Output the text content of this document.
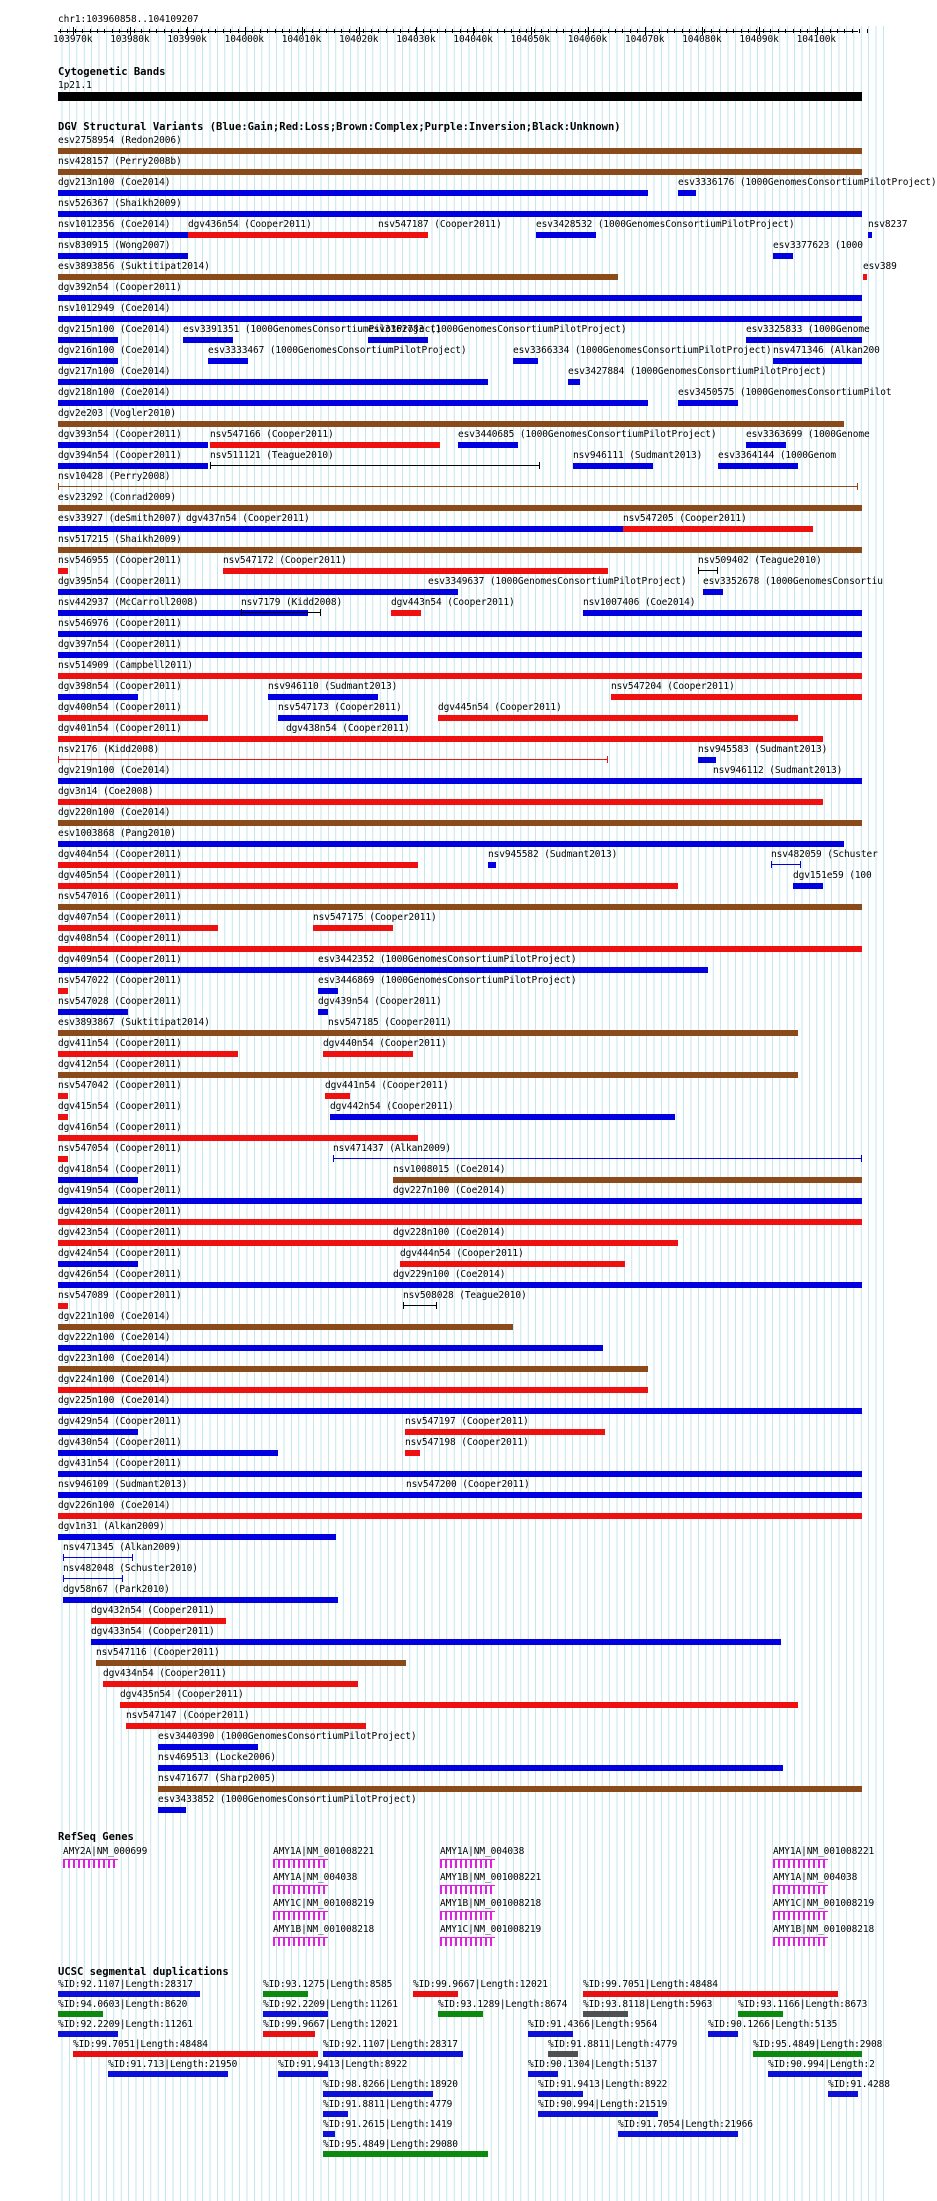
chr1:103960858..104109207
103970k 103980k 103990k 104000k 104010k 104020k 104030k 104040k 104050k 104060k 104070k 104080k 104090k 104100k
Cytogenetic Bands
1p21.1
DGV Structural Variants (Blue:Gain;Red:Loss;Brown:Complex;Purple:Inversion;Black:Unknown)
RefSeq Genes
UCSC segmental duplications
esv2758954 (Redon2006)
nsv428157 (Perry2008b)
dgv213n100 (Coe2014)	esv3336176 (1000GenomesConsortiumPilotProject)
nsv526367 (Shaikh2009)
nsv1012356 (Coe2014) dgv436n54 (Cooper2011)	nsv547187 (Cooper2011)	esv3428532 (1000GenomesConsortiumPilotProject)	nsv8237
nsv830915 (Wong2007)	esv3377623 (1000
esv3893856 (Suktitipat2014)	esv389
dgv392n54 (Cooper2011)
nsv1012949 (Coe2014)
dgv215n100 (Coe2014) esv3391351 (1000GenomesConsortiumPilotProject)
esv3362783 (1000GenomesConsortiumPilotProject)	esv3325833 (1000Genome
dgv216n100 (Coe2014)	esv3333467 (1000GenomesConsortiumPilotProject)	esv3366334 (1000GenomesConsortiumPilotProject) nsv471346 (Alkan200
dgv217n100 (Coe2014)	esv3427884 (1000GenomesConsortiumPilotProject)
dgv218n100 (Coe2014)	esv3450575 (1000GenomesConsortiumPilot
dgv2e203 (Vogler2010)
dgv393n54 (Cooper2011)	nsv547166 (Cooper2011)	esv3440685 (1000GenomesConsortiumPilotProject)	esv3363699 (1000Genome
dgv394n54 (Cooper2011)	nsv511121 (Teague2010)	nsv946111 (Sudmant2013) esv3364144 (1000Genom
nsv10428 (Perry2008)
esv23292 (Conrad2009)
esv33927 (deSmith2007) dgv437n54 (Cooper2011)	nsv547205 (Cooper2011)
nsv517215 (Shaikh2009)
nsv546955 (Cooper2011)	nsv547172 (Cooper2011)	nsv509402 (Teague2010)
dgv395n54 (Cooper2011)	esv3349637 (1000GenomesConsortiumPilotProject) esv3352678 (1000GenomesConsortiu
nsv442937 (McCarroll2008)	nsv7179 (Kidd2008)	dgv443n54 (Cooper2011)	nsv1007406 (Coe2014)
nsv546976 (Cooper2011)
dgv397n54 (Cooper2011)
nsv514909 (Campbell2011)
dgv398n54 (Cooper2011)	nsv946110 (Sudmant2013)	nsv547204 (Cooper2011)
dgv400n54 (Cooper2011)	nsv547173 (Cooper2011)	dgv445n54 (Cooper2011)
dgv401n54 (Cooper2011)	dgv438n54 (Cooper2011)
nsv2176 (Kidd2008)	nsv945583 (Sudmant2013)
dgv219n100 (Coe2014)	nsv946112 (Sudmant2013)
dgv3n14 (Coe2008)
dgv220n100 (Coe2014)
esv1003868 (Pang2010)
dgv404n54 (Cooper2011)	nsv945582 (Sudmant2013)	nsv482059 (Schuster
dgv405n54 (Cooper2011)	dgv151e59 (100
nsv547016 (Cooper2011)
dgv407n54 (Cooper2011)	nsv547175 (Cooper2011)
dgv408n54 (Cooper2011)
dgv409n54 (Cooper2011)	esv3442352 (1000GenomesConsortiumPilotProject)
nsv547022 (Cooper2011)	esv3446869 (1000GenomesConsortiumPilotProject)
nsv547028 (Cooper2011)	dgv439n54 (Cooper2011)
esv3893867 (Suktitipat2014)	nsv547185 (Cooper2011)
dgv411n54 (Cooper2011)	dgv440n54 (Cooper2011)
dgv412n54 (Cooper2011)
nsv547042 (Cooper2011)	dgv441n54 (Cooper2011)
dgv415n54 (Cooper2011)	dgv442n54 (Cooper2011)
dgv416n54 (Cooper2011)
nsv547054 (Cooper2011)	nsv471437 (Alkan2009)
dgv418n54 (Cooper2011)	nsv1008015 (Coe2014)
dgv419n54 (Cooper2011)	dgv227n100 (Coe2014)
dgv420n54 (Cooper2011)
dgv423n54 (Cooper2011)	dgv228n100 (Coe2014)
dgv424n54 (Cooper2011)	dgv444n54 (Cooper2011)
dgv426n54 (Cooper2011)	dgv229n100 (Coe2014)
nsv547089 (Cooper2011)	nsv508028 (Teague2010)
dgv221n100 (Coe2014)
dgv222n100 (Coe2014)
dgv223n100 (Coe2014)
dgv224n100 (Coe2014)
dgv225n100 (Coe2014)
dgv429n54 (Cooper2011)	nsv547197 (Cooper2011)
dgv430n54 (Cooper2011)	nsv547198 (Cooper2011)
dgv431n54 (Cooper2011)
nsv946109 (Sudmant2013)	nsv547200 (Cooper2011)
dgv226n100 (Coe2014)
dgv1n31 (Alkan2009)
nsv471345 (Alkan2009)
nsv482048 (Schuster2010)
dgv58n67 (Park2010)
dgv432n54 (Cooper2011)
dgv433n54 (Cooper2011)
nsv547116 (Cooper2011)
dgv434n54 (Cooper2011)
dgv435n54 (Cooper2011)
nsv547147 (Cooper2011)
esv3440390 (1000GenomesConsortiumPilotProject)
nsv469513 (Locke2006)
nsv471677 (Sharp2005)
esv3433852 (1000GenomesConsortiumPilotProject)
AMY2A|NM_000699	AMY1A|NM_001008221
AMY1A|NM_004038
AMY1C|NM_001008219
AMY1B|NM_001008218
AMY1A|NM_004038
AMY1B|NM_001008221
AMY1B|NM_001008218
AMY1C|NM_001008219
AMY1A|NM_001008221
AMY1A|NM_004038
AMY1C|NM_001008219
AMY1B|NM_001008218
%ID:92.1107|Length:28317	%ID:93.1275|Length:8585 %ID:99.9667|Length:12021	%ID:99.7051|Length:48484
%ID:94.0603|Length:8620	%ID:92.2209|Length:11261	%ID:93.1289|Length:8674 %ID:93.8118|Length:5963	%ID:93.1166|Length:8673
%ID:92.2209|Length:11261	%ID:99.9667|Length:12021	%ID:91.4366|Length:9564	%ID:90.1266|Length:5135
%ID:99.7051|Length:48484	%ID:92.1107|Length:28317	%ID:91.8811|Length:4779	%ID:95.4849|Length:2908
%ID:91.713|Length:21950	%ID:91.9413|Length:8922	%ID:90.1304|Length:5137	%ID:90.994|Length:2
%ID:98.8266|Length:18920	%ID:91.9413|Length:8922	%ID:91.4288
%ID:91.8811|Length:4779	%ID:90.994|Length:21519
%ID:91.2615|Length:1419	%ID:91.7054|Length:21966
%ID:95.4849|Length:29080
